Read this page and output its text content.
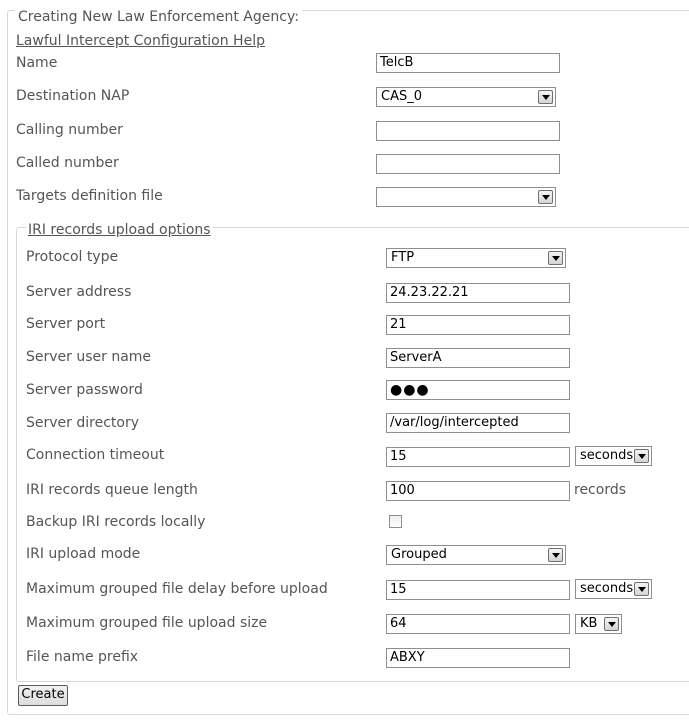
Creating New Law Enforcement Agency:
Lawful Intercept Configuration Help
Name	TelcB
Destination NAP	CAS_0
Calling number
Called number
Targets definition file
IRI records upload options
Protocol type	FTP
Server address	24.23.22.21
Server port	21
Server user name	ServerA
Server password	●●●
Server directory	/var/log/intercepted
Connection timeout	15	seconds
IRI records queue length	100	records
Backup IRI records locally
IRI upload mode	Grouped
Maximum grouped file delay before upload	15	seconds
Maximum grouped file upload size	64	KB
File name prefix	ABXY
Create
